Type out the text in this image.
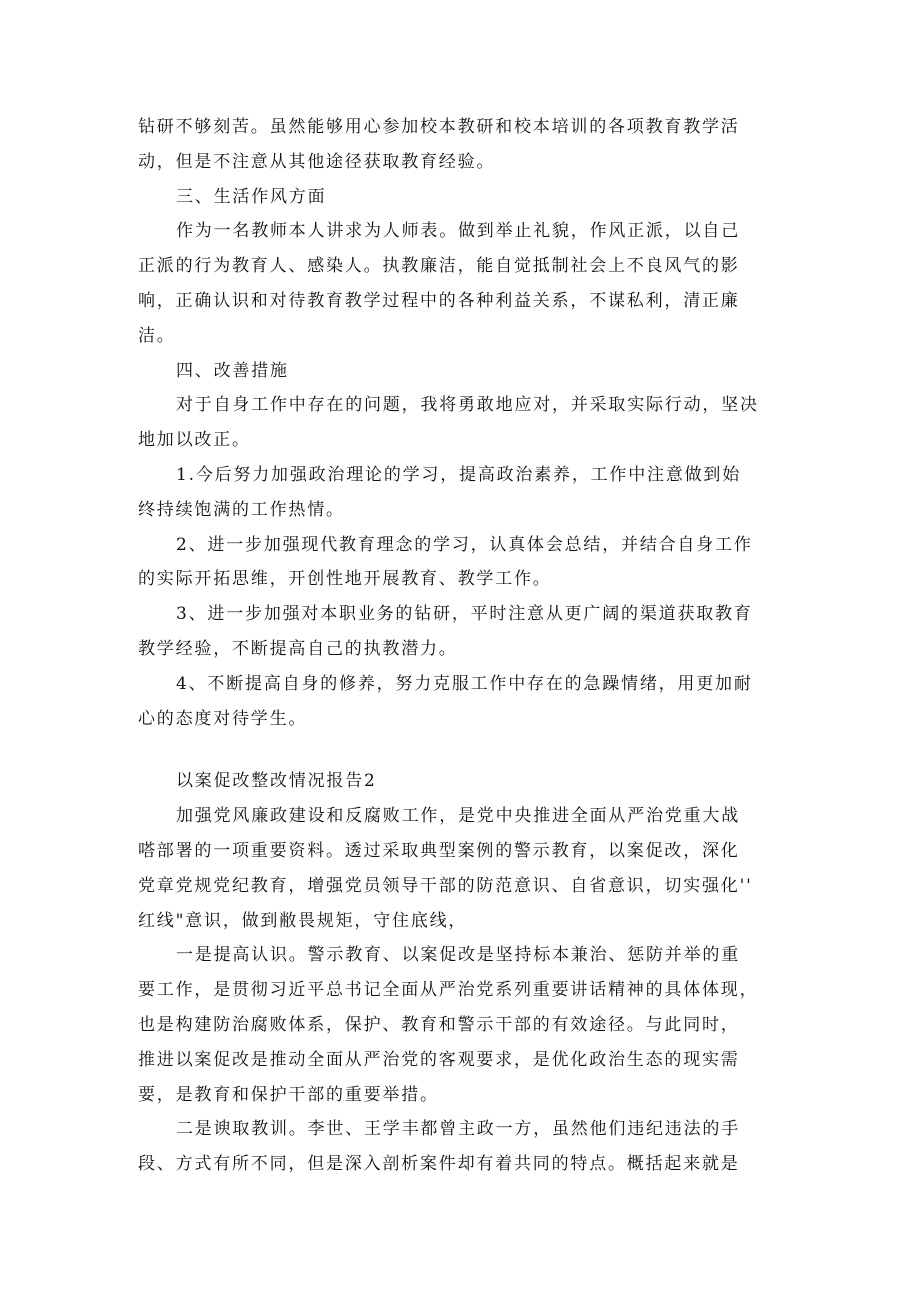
钻研不够刻苦。虽然能够用心参加校本教研和校本培训的各项教育教学活
动，但是不注意从其他途径获取教育经验。
三、生活作风方面
作为一名教师本人讲求为人师表。做到举止礼貌，作风正派，以自己
正派的行为教育人、感染人。执教廉洁，能自觉抵制社会上不良风气的影
响，正确认识和对待教育教学过程中的各种利益关系，不谋私利，清正廉
洁。
四、改善措施
对于自身工作中存在的问题，我将勇敢地应对，并采取实际行动，坚决
地加以改正。
1.今后努力加强政治理论的学习，提高政治素养，工作中注意做到始
终持续饱满的工作热情。
2、进一步加强现代教育理念的学习，认真体会总结，并结合自身工作
的实际开拓思维，开创性地开展教育、教学工作。
3、进一步加强对本职业务的钻研，平时注意从更广阔的渠道获取教育
教学经验，不断提高自己的执教潜力。
4、不断提高自身的修养，努力克服工作中存在的急躁情绪，用更加耐
心的态度对待学生。
以案促改整改情况报告2
加强党风廉政建设和反腐败工作，是党中央推进全面从严治党重大战
嗒部署的一项重要资料。透过采取典型案例的警示教育，以案促改，深化
党章党规党纪教育，增强党员领导干部的防范意识、自省意识，切实强化''
红线"意识，做到敝畏规矩，守住底线，
一是提高认识。警示教育、以案促改是坚持标本兼治、惩防并举的重
要工作，是贯彻习近平总书记全面从严治党系列重要讲话精神的具体体现，
也是构建防治腐败体系，保护、教育和警示干部的有效途径。与此同时，
推进以案促改是推动全面从严治党的客观要求，是优化政治生态的现实需
要，是教育和保护干部的重要举措。
二是谀取教训。李世、王学丰都曾主政一方，虽然他们违纪违法的手
段、方式有所不同，但是深入剖析案件却有着共同的特点。概括起来就是
